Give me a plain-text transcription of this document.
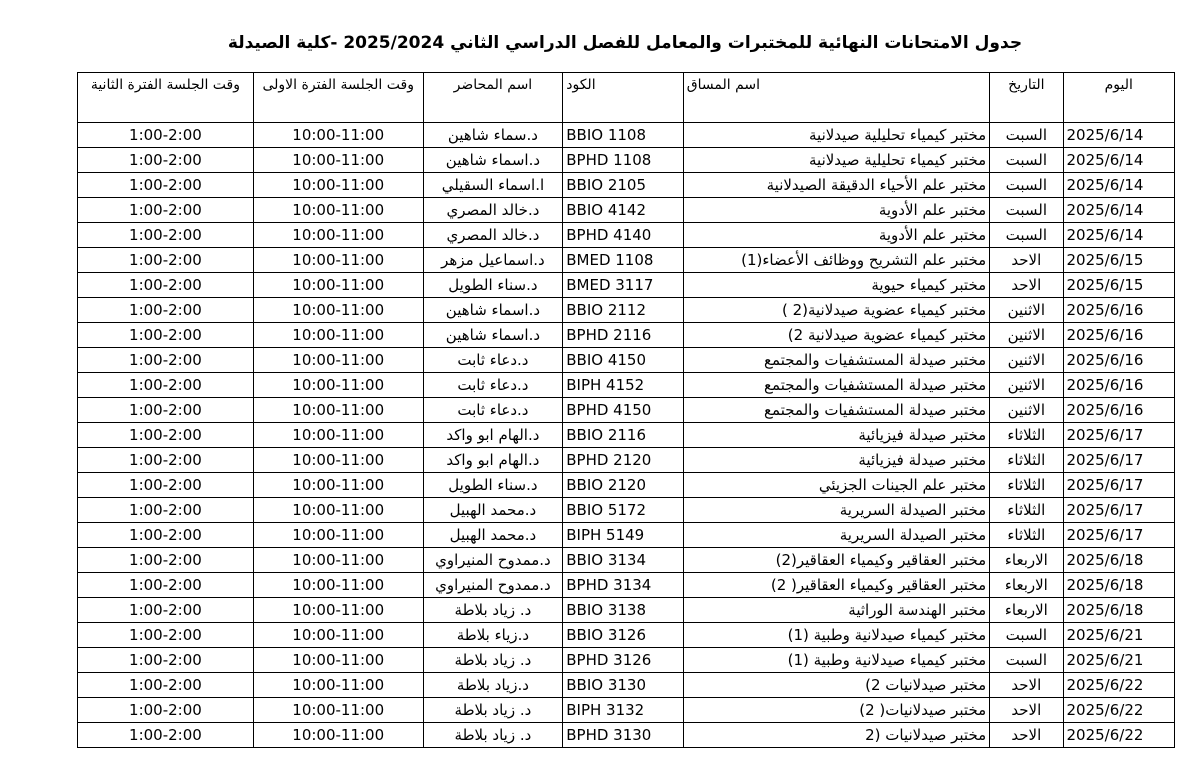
جدول الامتحانات النهائية للمختبرات والمعامل للفصل الدراسي الثاني 2025/2024 -كلية الصيدلة
اليوم	التاريخ	اسم المساق	الكود	اسم المحاضر	وقت الجلسة الفترة الاولى	وقت الجلسة الفترة الثانية
2025/6/14	السبت	مختبر كيمياء تحليلية صيدلانية	BBIO 1108	د.سماء شاهين	10:00-11:00	1:00-2:00
2025/6/14	السبت	مختبر كيمياء تحليلية صيدلانية	BPHD 1108	د.اسماء شاهين	10:00-11:00	1:00-2:00
2025/6/14	السبت	مختبر علم الأحياء الدقيقة الصيدلانية	BBIO 2105	ا.اسماء السقيلي	10:00-11:00	1:00-2:00
2025/6/14	السبت	مختبر علم الأدوية	BBIO 4142	د.خالد المصري	10:00-11:00	1:00-2:00
2025/6/14	السبت	مختبر علم الأدوية	BPHD 4140	د.خالد المصري	10:00-11:00	1:00-2:00
2025/6/15	الاحد	مختبر علم التشريح ووظائف الأعضاء(1)	BMED 1108	د.اسماعيل مزهر	10:00-11:00	1:00-2:00
2025/6/15	الاحد	مختبر كيمياء حيوية	BMED 3117	د.سناء الطويل	10:00-11:00	1:00-2:00
2025/6/16	الاثنين	مختبر كيمياء عضوية صيدلانية(2 )	BBIO 2112	د.اسماء شاهين	10:00-11:00	1:00-2:00
2025/6/16	الاثنين	مختبر كيمياء عضوية صيدلانية 2)	BPHD 2116	د.اسماء شاهين	10:00-11:00	1:00-2:00
2025/6/16	الاثنين	مختبر صيدلة المستشفيات والمجتمع	BBIO 4150	د.دعاء ثابت	10:00-11:00	1:00-2:00
2025/6/16	الاثنين	مختبر صيدلة المستشفيات والمجتمع	BIPH 4152	د.دعاء ثابت	10:00-11:00	1:00-2:00
2025/6/16	الاثنين	مختبر صيدلة المستشفيات والمجتمع	BPHD 4150	د.دعاء ثابت	10:00-11:00	1:00-2:00
2025/6/17	الثلاثاء	مختبر صيدلة فيزيائية	BBIO 2116	د.الهام ابو واكد	10:00-11:00	1:00-2:00
2025/6/17	الثلاثاء	مختبر صيدلة فيزيائية	BPHD 2120	د.الهام ابو واكد	10:00-11:00	1:00-2:00
2025/6/17	الثلاثاء	مختبر علم الجينات الجزيئي	BBIO 2120	د.سناء الطويل	10:00-11:00	1:00-2:00
2025/6/17	الثلاثاء	مختبر الصيدلة السريرية	BBIO 5172	د.محمد الهبيل	10:00-11:00	1:00-2:00
2025/6/17	الثلاثاء	مختبر الصيدلة السريرية	BIPH 5149	د.محمد الهبيل	10:00-11:00	1:00-2:00
2025/6/18	الاربعاء	مختبر العقاقير وكيمياء العقاقير(2)	BBIO 3134	د.ممدوح المنيراوي	10:00-11:00	1:00-2:00
2025/6/18	الاربعاء	مختبر العقاقير وكيمياء العقاقير( 2)	BPHD 3134	د.ممدوح المنيراوي	10:00-11:00	1:00-2:00
2025/6/18	الاربعاء	مختبر الهندسة الوراثية	BBIO 3138	د. زياد بلاطة	10:00-11:00	1:00-2:00
2025/6/21	السبت	مختبر كيمياء صيدلانية وطبية (1)	BBIO 3126	د.زياء بلاطة	10:00-11:00	1:00-2:00
2025/6/21	السبت	مختبر كيمياء صيدلانية وطبية (1)	BPHD 3126	د. زياد بلاطة	10:00-11:00	1:00-2:00
2025/6/22	الاحد	مختبر صيدلانيات 2)	BBIO 3130	د.زياد بلاطة	10:00-11:00	1:00-2:00
2025/6/22	الاحد	مختبر صيدلانيات( 2)	BIPH 3132	د. زياد بلاطة	10:00-11:00	1:00-2:00
2025/6/22	الاحد	مختبر صيدلانيات (2	BPHD 3130	د. زياد بلاطة	10:00-11:00	1:00-2:00
